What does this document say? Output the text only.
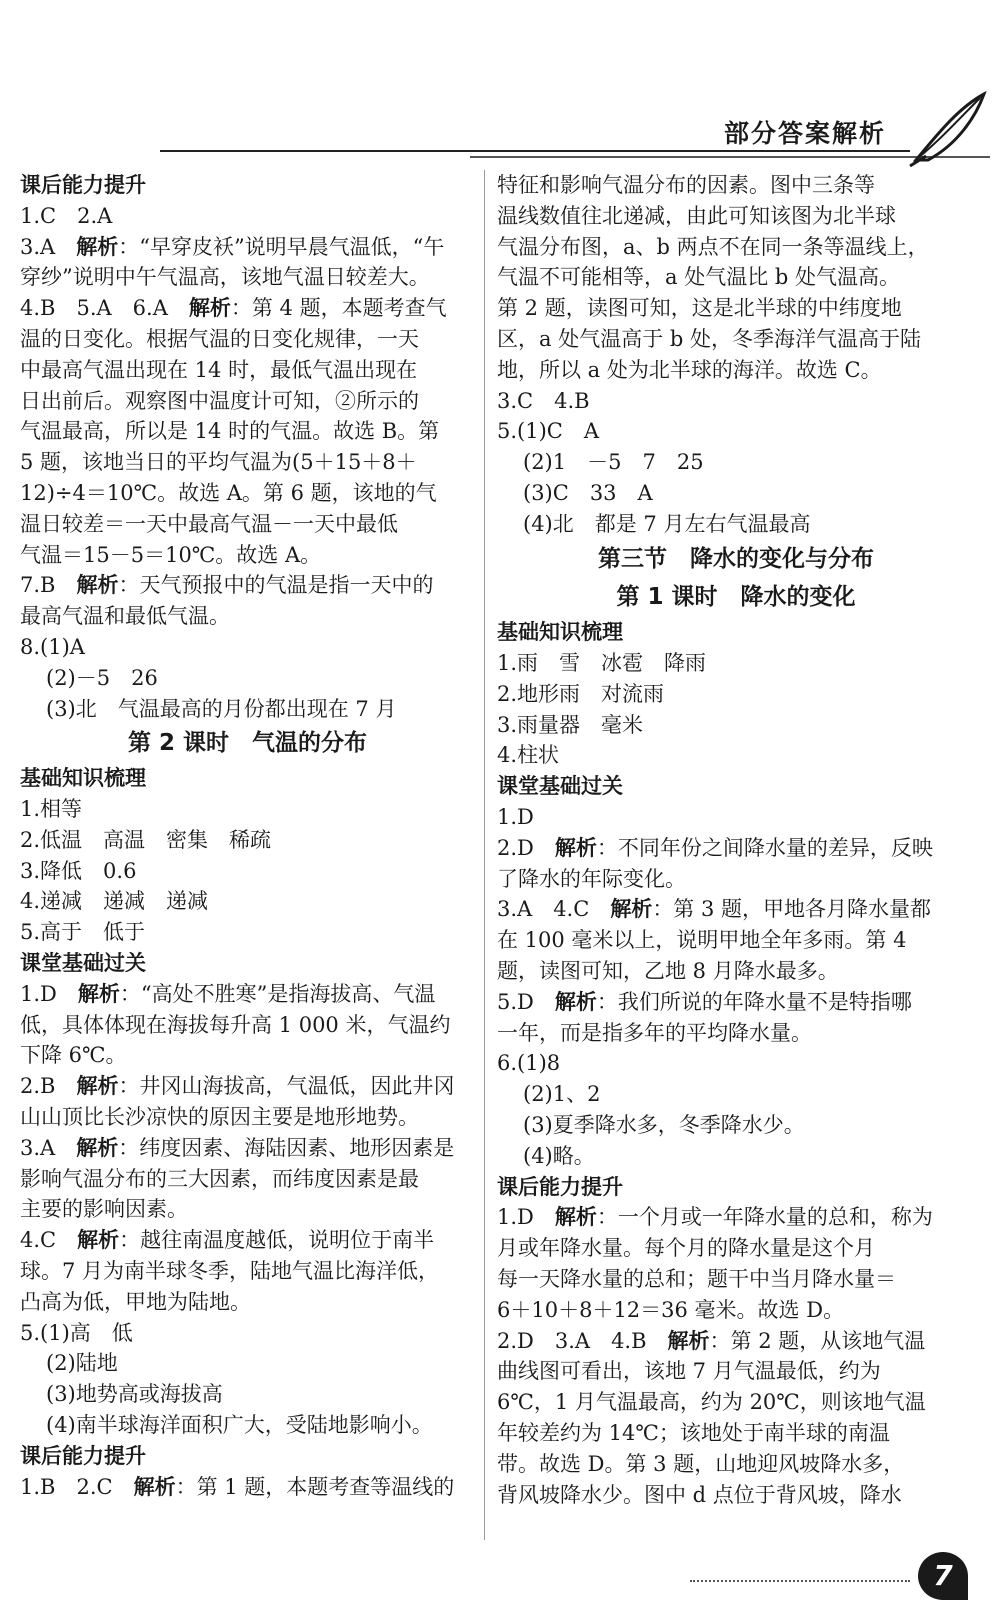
部分答案解析
课后能力提升
1.C　2.A
3.A　解析：“早穿皮袄”说明早晨气温低，“午
穿纱”说明中午气温高，该地气温日较差大。
4.B　5.A　6.A　解析：第 4 题，本题考查气
温的日变化。根据气温的日变化规律，一天
中最高气温出现在 14 时，最低气温出现在
日出前后。观察图中温度计可知，②所示的
气温最高，所以是 14 时的气温。故选 B。第
5 题，该地当日的平均气温为(5＋15＋8＋
12)÷4＝10℃。故选 A。第 6 题，该地的气
温日较差＝一天中最高气温－一天中最低
气温＝15－5＝10℃。故选 A。
7.B　解析：天气预报中的气温是指一天中的
最高气温和最低气温。
8.(1)A
(2)－5　26
(3)北　气温最高的月份都出现在 7 月
第 2 课时　气温的分布
基础知识梳理
1.相等
2.低温　高温　密集　稀疏
3.降低　0.6
4.递减　递减　递减
5.高于　低于
课堂基础过关
1.D　解析：“高处不胜寒”是指海拔高、气温
低，具体体现在海拔每升高 1 000 米，气温约
下降 6℃。
2.B　解析：井冈山海拔高，气温低，因此井冈
山山顶比长沙凉快的原因主要是地形地势。
3.A　解析：纬度因素、海陆因素、地形因素是
影响气温分布的三大因素，而纬度因素是最
主要的影响因素。
4.C　解析：越往南温度越低，说明位于南半
球。7 月为南半球冬季，陆地气温比海洋低，
凸高为低，甲地为陆地。
5.(1)高　低
(2)陆地
(3)地势高或海拔高
(4)南半球海洋面积广大，受陆地影响小。
课后能力提升
1.B　2.C　解析：第 1 题，本题考查等温线的
特征和影响气温分布的因素。图中三条等
温线数值往北递减，由此可知该图为北半球
气温分布图，a、b 两点不在同一条等温线上，
气温不可能相等，a 处气温比 b 处气温高。
第 2 题，读图可知，这是北半球的中纬度地
区，a 处气温高于 b 处，冬季海洋气温高于陆
地，所以 a 处为北半球的海洋。故选 C。
3.C　4.B
5.(1)C　A
(2)1　－5　7　25
(3)C　33　A
(4)北　都是 7 月左右气温最高
第三节　降水的变化与分布
第 1 课时　降水的变化
基础知识梳理
1.雨　雪　冰雹　降雨
2.地形雨　对流雨
3.雨量器　毫米
4.柱状
课堂基础过关
1.D
2.D　解析：不同年份之间降水量的差异，反映
了降水的年际变化。
3.A　4.C　解析：第 3 题，甲地各月降水量都
在 100 毫米以上，说明甲地全年多雨。第 4
题，读图可知，乙地 8 月降水最多。
5.D　解析：我们所说的年降水量不是特指哪
一年，而是指多年的平均降水量。
6.(1)8
(2)1、2
(3)夏季降水多，冬季降水少。
(4)略。
课后能力提升
1.D　解析：一个月或一年降水量的总和，称为
月或年降水量。每个月的降水量是这个月
每一天降水量的总和；题干中当月降水量＝
6＋10＋8＋12＝36 毫米。故选 D。
2.D　3.A　4.B　解析：第 2 题，从该地气温
曲线图可看出，该地 7 月气温最低，约为
6℃，1 月气温最高，约为 20℃，则该地气温
年较差约为 14℃；该地处于南半球的南温
带。故选 D。第 3 题，山地迎风坡降水多，
背风坡降水少。图中 d 点位于背风坡，降水
7
